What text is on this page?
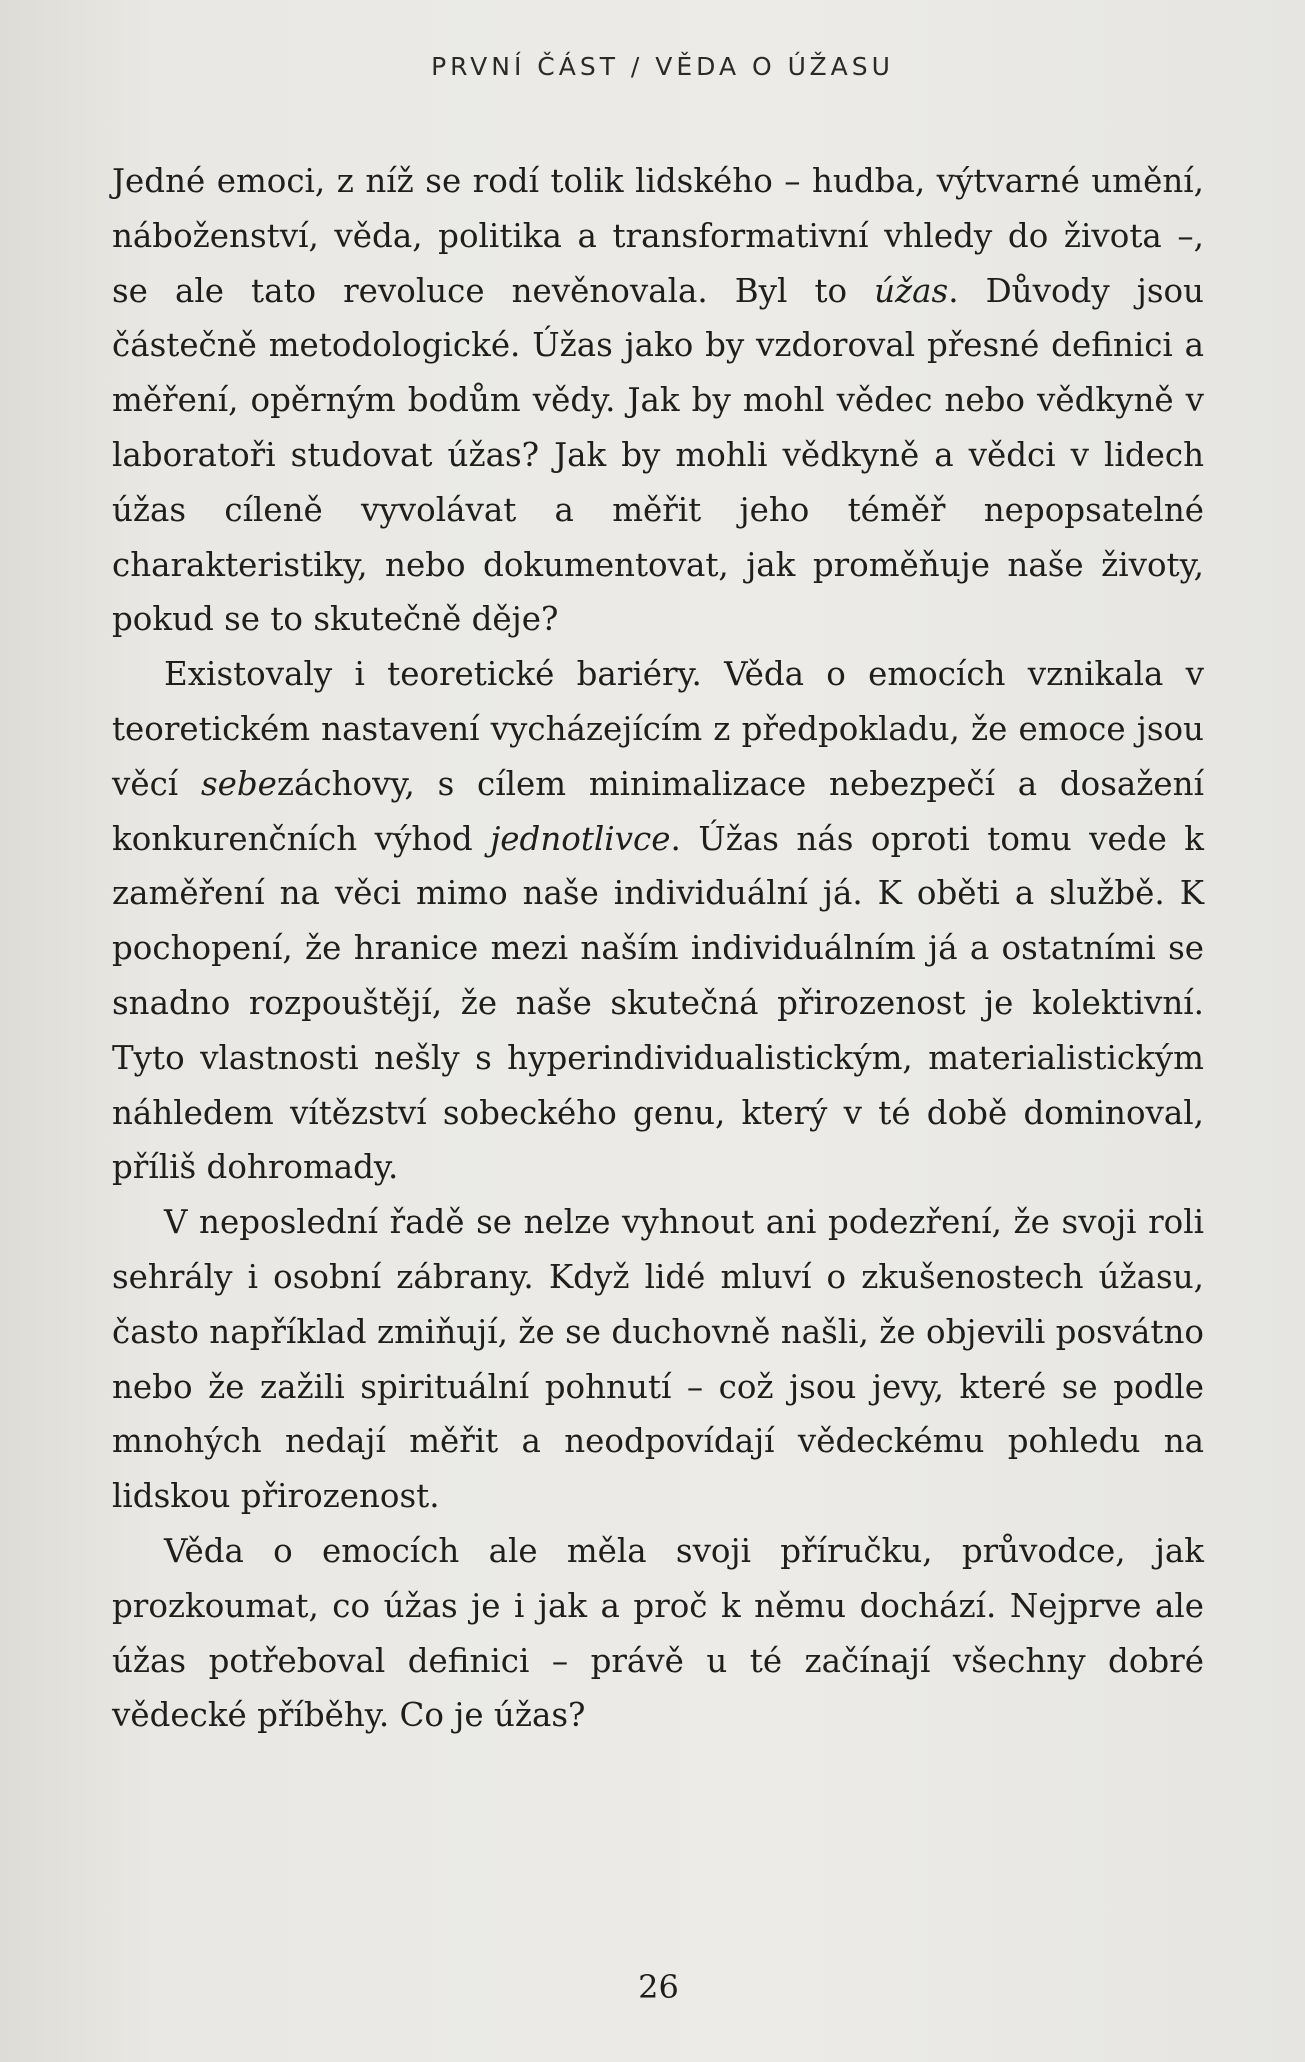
PRVNÍ ČÁST / VĚDA O ÚŽASU

Jedné emoci, z níž se rodí tolik lidského – hudba, výtvarné umění, náboženství, věda, politika a transformativní vhledy do života –, se ale tato revoluce nevěnovala. Byl to úžas. Důvody jsou částečně metodologické. Úžas jako by vzdoroval přesné definici a měření, opěrným bodům vědy. Jak by mohl vědec nebo vědkyně v laboratoři studovat úžas? Jak by mohli vědkyně a vědci v lidech úžas cíleně vyvolávat a měřit jeho téměř nepopsatelné charakteristiky, nebo dokumentovat, jak proměňuje naše životy, pokud se to skutečně děje?

Existovaly i teoretické bariéry. Věda o emocích vznikala v teoretickém nastavení vycházejícím z předpokladu, že emoce jsou věcí sebezáchovy, s cílem minimalizace nebezpečí a dosažení konkurenčních výhod jednotlivce. Úžas nás oproti tomu vede k zaměření na věci mimo naše individuální já. K oběti a službě. K pochopení, že hranice mezi naším individuálním já a ostatními se snadno rozpouštějí, že naše skutečná přirozenost je kolektivní. Tyto vlastnosti nešly s hyperindividualistickým, materialistickým náhledem vítězství sobeckého genu, který v té době dominoval, příliš dohromady.

V neposlední řadě se nelze vyhnout ani podezření, že svoji roli sehrály i osobní zábrany. Když lidé mluví o zkušenostech úžasu, často například zmiňují, že se duchovně našli, že objevili posvátno nebo že zažili spirituální pohnutí – což jsou jevy, které se podle mnohých nedají měřit a neodpovídají vědeckému pohledu na lidskou přirozenost.

Věda o emocích ale měla svoji příručku, průvodce, jak prozkoumat, co úžas je i jak a proč k němu dochází. Nejprve ale úžas potřeboval definici – právě u té začínají všechny dobré vědecké příběhy. Co je úžas?

26
